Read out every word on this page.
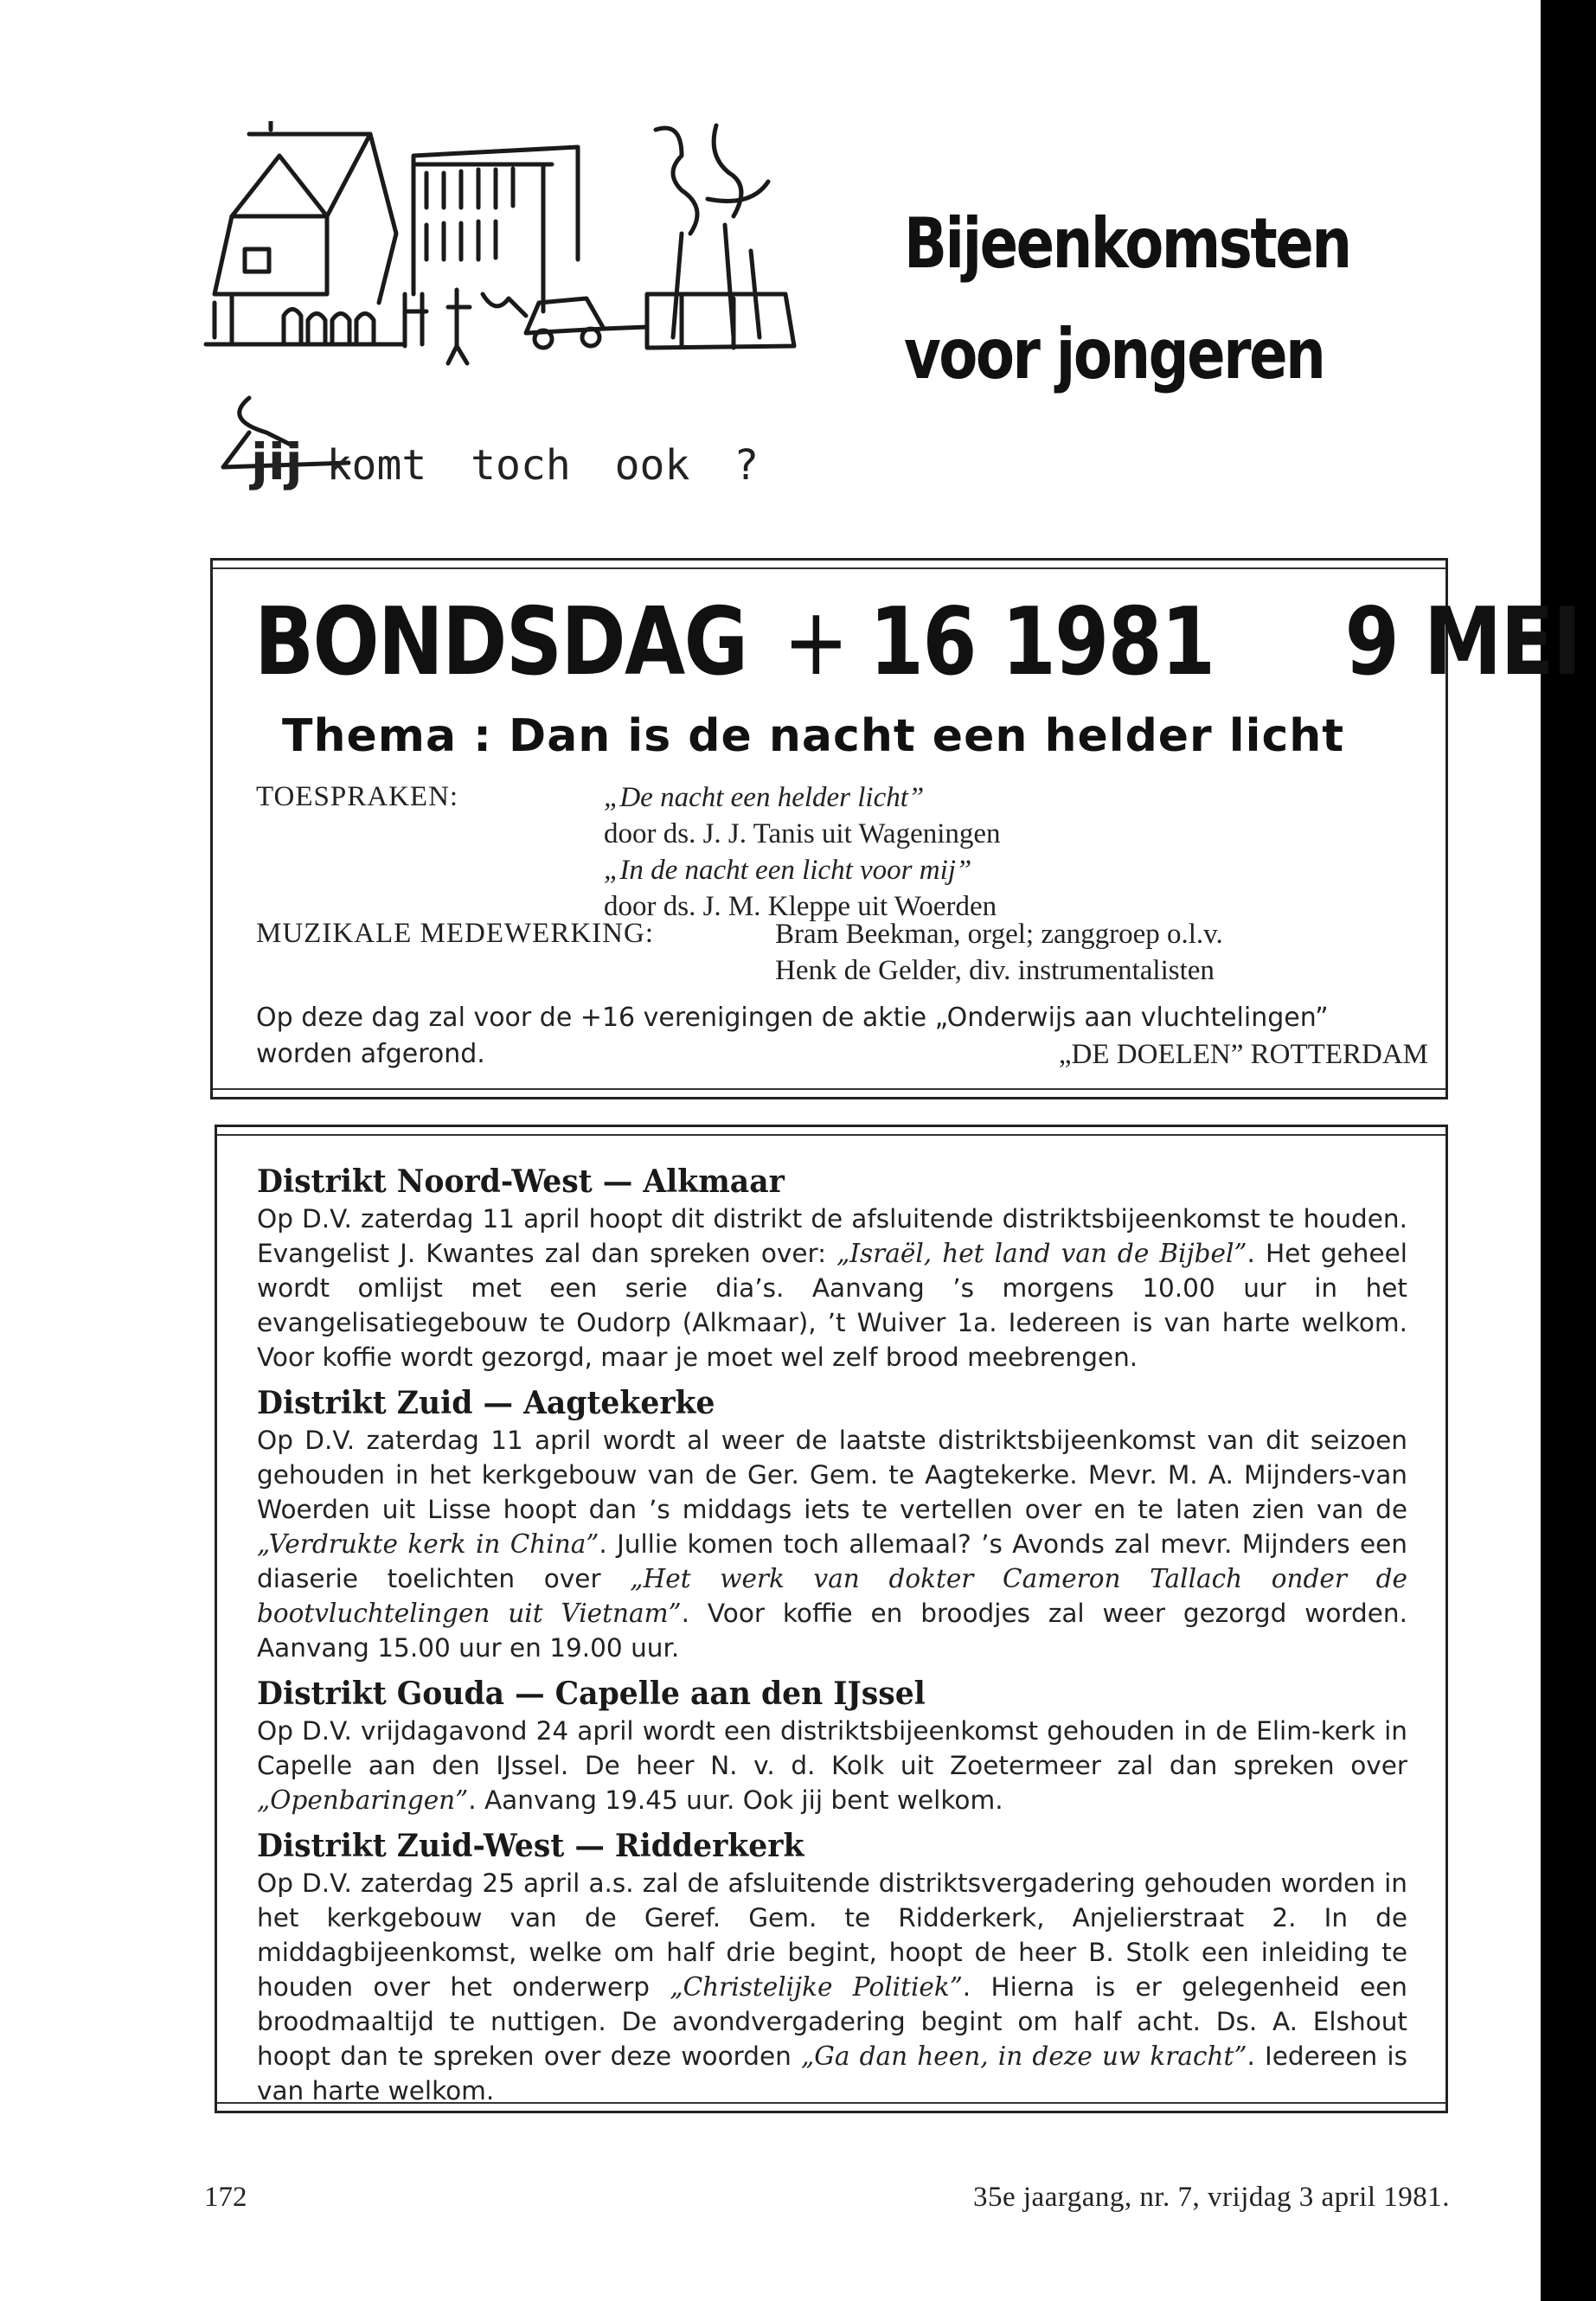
Bijeenkomsten
voor jongeren
jij komt toch ook ?
BONDSDAG + 16 1981 9 MEI
Thema : Dan is de nacht een helder licht
TOESPRAKEN:	„De nacht een helder licht”
door ds. J. J. Tanis uit Wageningen
„In de nacht een licht voor mij”
door ds. J. M. Kleppe uit Woerden
MUZIKALE MEDEWERKING:	Bram Beekman, orgel; zanggroep o.l.v.
Henk de Gelder, div. instrumentalisten
Op deze dag zal voor de +16 verenigingen de aktie „Onderwijs aan vluchtelingen” worden afgerond.	„DE DOELEN” ROTTERDAM
Distrikt Noord-West — Alkmaar

Op D.V. zaterdag 11 april hoopt dit distrikt de afsluitende distriktsbijeenkomst te houden. Evangelist J. Kwantes zal dan spreken over: „Israël, het land van de Bijbel”. Het geheel wordt omlijst met een serie dia’s. Aanvang ’s morgens 10.00 uur in het evangelisatiegebouw te Oudorp (Alkmaar), ’t Wuiver 1a. Iedereen is van harte welkom. Voor koffie wordt gezorgd, maar je moet wel zelf brood meebrengen.

Distrikt Zuid — Aagtekerke

Op D.V. zaterdag 11 april wordt al weer de laatste distriktsbijeenkomst van dit seizoen gehouden in het kerkgebouw van de Ger. Gem. te Aagtekerke. Mevr. M. A. Mijnders-van Woerden uit Lisse hoopt dan ’s middags iets te vertellen over en te laten zien van de „Verdrukte kerk in China”. Jullie komen toch allemaal? ’s Avonds zal mevr. Mijnders een diaserie toelichten over „Het werk van dokter Cameron Tallach onder de bootvluchtelingen uit Vietnam”. Voor koffie en broodjes zal weer gezorgd worden. Aanvang 15.00 uur en 19.00 uur.

Distrikt Gouda — Capelle aan den IJssel

Op D.V. vrijdagavond 24 april wordt een distriktsbijeenkomst gehouden in de Elim-kerk in Capelle aan den IJssel. De heer N. v. d. Kolk uit Zoetermeer zal dan spreken over „Openbaringen”. Aanvang 19.45 uur. Ook jij bent welkom.

Distrikt Zuid-West — Ridderkerk

Op D.V. zaterdag 25 april a.s. zal de afsluitende distriktsvergadering gehouden worden in het kerkgebouw van de Geref. Gem. te Ridderkerk, Anjelierstraat 2. In de middagbijeenkomst, welke om half drie begint, hoopt de heer B. Stolk een inleiding te houden over het onderwerp „Christelijke Politiek”. Hierna is er gelegenheid een broodmaaltijd te nuttigen. De avondvergadering begint om half acht. Ds. A. Elshout hoopt dan te spreken over deze woorden „Ga dan heen, in deze uw kracht”. Iedereen is van harte welkom.

172	35e jaargang, nr. 7, vrijdag 3 april 1981.
